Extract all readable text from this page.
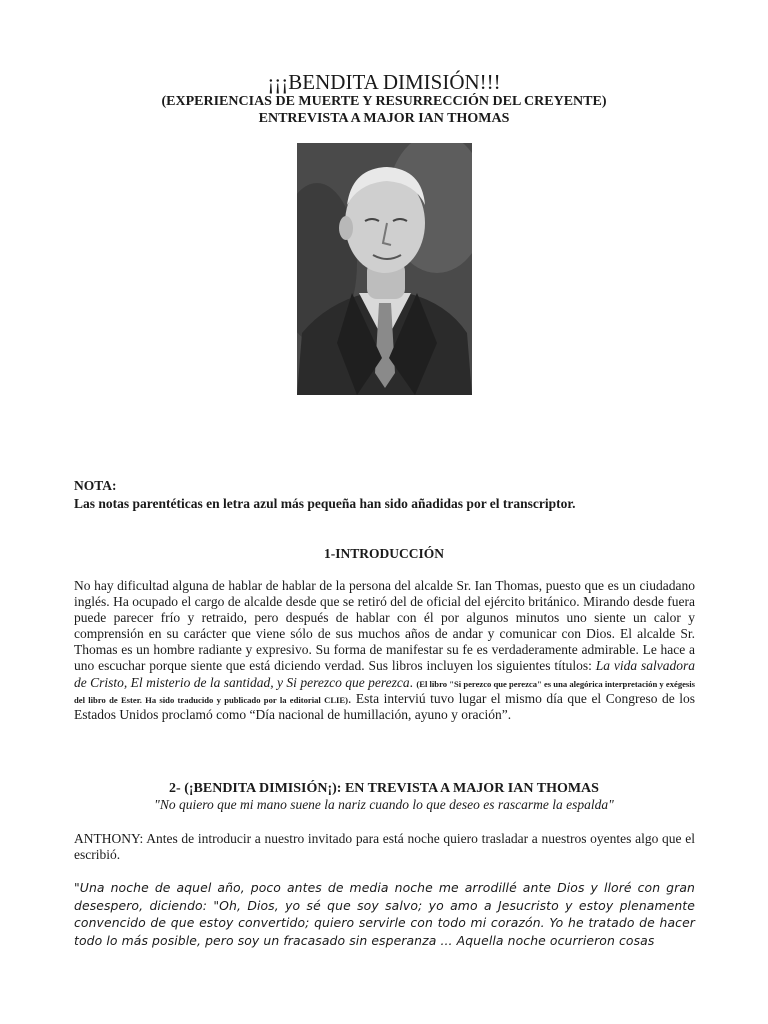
¡¡¡BENDITA DIMISIÓN!!!
(EXPERIENCIAS DE MUERTE Y RESURRECCIÓN DEL CREYENTE)
ENTREVISTA A MAJOR IAN THOMAS
NOTA:
Las notas parentéticas en letra azul más pequeña han sido añadidas por el transcriptor.
1-INTRODUCCIÓN
No hay dificultad alguna de hablar de hablar de la persona del alcalde Sr. Ian Thomas, puesto que es un ciudadano inglés. Ha ocupado el cargo de alcalde desde que se retiró del de oficial del ejército británico. Mirando desde fuera puede parecer frío y retraido, pero después de hablar con él por algunos minutos uno siente un calor y comprensión en su carácter que viene sólo de sus muchos años de andar y comunicar con Dios. El alcalde Sr. Thomas es un hombre radiante y expresivo. Su forma de manifestar su fe es verdaderamente admirable. Le hace a uno escuchar porque siente que está diciendo verdad. Sus libros incluyen los siguientes títulos: La vida salvadora de Cristo, El misterio de la santidad, y Si perezco que perezca. (El libro "Si perezco que perezca" es una alegórica interpretación y exégesis del libro de Ester. Ha sido traducido y publicado por la editorial CLIE). Esta interviú tuvo lugar el mismo día que el Congreso de los Estados Unidos proclamó como “Día nacional de humillación, ayuno y oración”.
2- (¡BENDITA DIMISIÓN¡): EN TREVISTA A MAJOR IAN THOMAS
"No quiero que mi mano suene la nariz cuando lo que deseo es rascarme la espalda"
ANTHONY: Antes de introducir a nuestro invitado para está noche quiero trasladar a nuestros oyentes algo que el escribió.
"Una noche de aquel año, poco antes de media noche me arrodillé ante Dios y lloré con gran desespero, diciendo: "Oh, Dios, yo sé que soy salvo; yo amo a Jesucristo y estoy plenamente convencido de que estoy convertido; quiero servirle con todo mi corazón. Yo he tratado de hacer todo lo más posible, pero soy un fracasado sin esperanza ... Aquella noche ocurrieron cosas
